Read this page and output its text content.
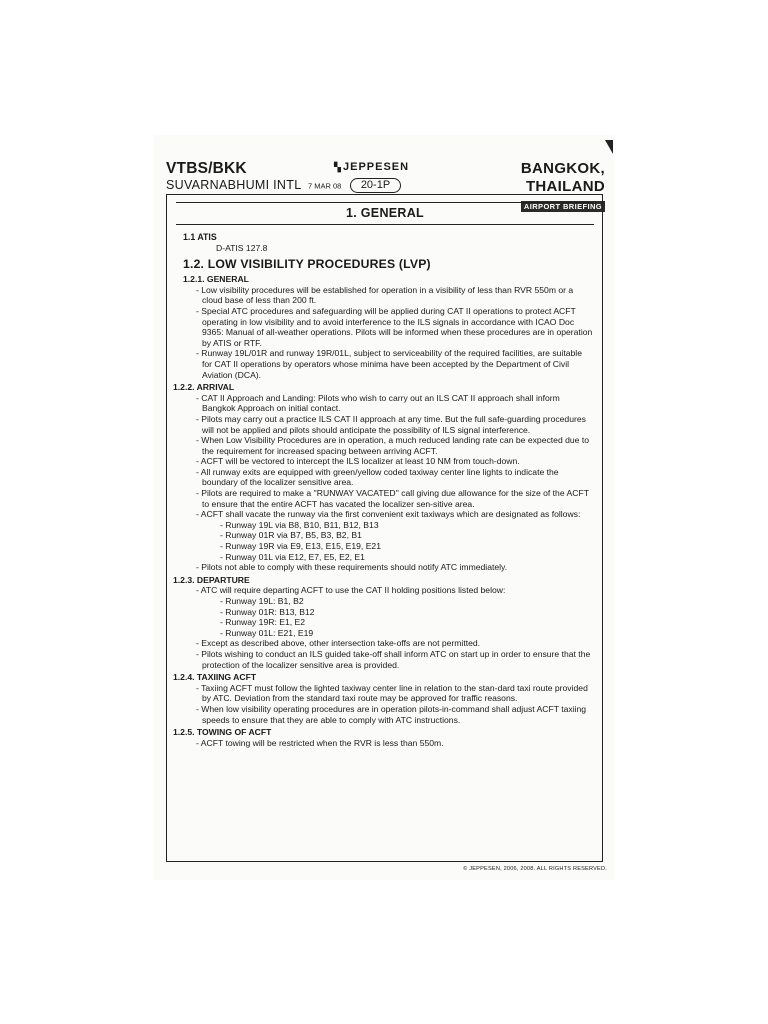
VTBS/BKK
SUVARNABHUMI INTL
▚JEPPESEN
7 MAR 08 20-1P
BANGKOK, THAILAND
AIRPORT BRIEFING
1. GENERAL
1.1 ATIS
D-ATIS 127.8
1.2. LOW VISIBILITY PROCEDURES (LVP)
1.2.1. GENERAL

- Low visibility procedures will be established for operation in a visibility of less than RVR 550m or a cloud base of less than 200 ft.

- Special ATC procedures and safeguarding will be applied during CAT II operations to protect ACFT operating in low visibility and to avoid interference to the ILS signals in accordance with ICAO Doc 9365: Manual of all-weather operations. Pilots will be informed when these procedures are in operation by ATIS or RTF.

- Runway 19L/01R and runway 19R/01L, subject to serviceability of the required facilities, are suitable for CAT II operations by operators whose minima have been accepted by the Department of Civil Aviation (DCA).

1.2.2. ARRIVAL

- CAT II Approach and Landing: Pilots who wish to carry out an ILS CAT II approach shall inform Bangkok Approach on initial contact.

- Pilots may carry out a practice ILS CAT II approach at any time. But the full safe-guarding procedures will not be applied and pilots should anticipate the possibility of ILS signal interference.

- When Low Visibility Procedures are in operation, a much reduced landing rate can be expected due to the requirement for increased spacing between arriving ACFT.

- ACFT will be vectored to intercept the ILS localizer at least 10 NM from touch-down.

- All runway exits are equipped with green/yellow coded taxiway center line lights to indicate the boundary of the localizer sensitive area.

- Pilots are required to make a ''RUNWAY VACATED'' call giving due allowance for the size of the ACFT to ensure that the entire ACFT has vacated the localizer sen-sitive area.

- ACFT shall vacate the runway via the first convenient exit taxiways which are designated as follows:

- Runway 19L via B8, B10, B11, B12, B13

- Runway 01R via B7, B5, B3, B2, B1

- Runway 19R via E9, E13, E15, E19, E21

- Runway 01L via E12, E7, E5, E2, E1

- Pilots not able to comply with these requirements should notify ATC immediately.

1.2.3. DEPARTURE

- ATC will require departing ACFT to use the CAT II holding positions listed below:

- Runway 19L: B1, B2

- Runway 01R: B13, B12

- Runway 19R: E1, E2

- Runway 01L: E21, E19

- Except as described above, other intersection take-offs are not permitted.

- Pilots wishing to conduct an ILS guided take-off shall inform ATC on start up in order to ensure that the protection of the localizer sensitive area is provided.

1.2.4. TAXIING ACFT

- Taxiing ACFT must follow the lighted taxiway center line in relation to the stan-dard taxi route provided by ATC. Deviation from the standard taxi route may be approved for traffic reasons.

- When low visibility operating procedures are in operation pilots-in-command shall adjust ACFT taxiing speeds to ensure that they are able to comply with ATC instructions.

1.2.5. TOWING OF ACFT

- ACFT towing will be restricted when the RVR is less than 550m.

© JEPPESEN, 2006, 2008. ALL RIGHTS RESERVED.
